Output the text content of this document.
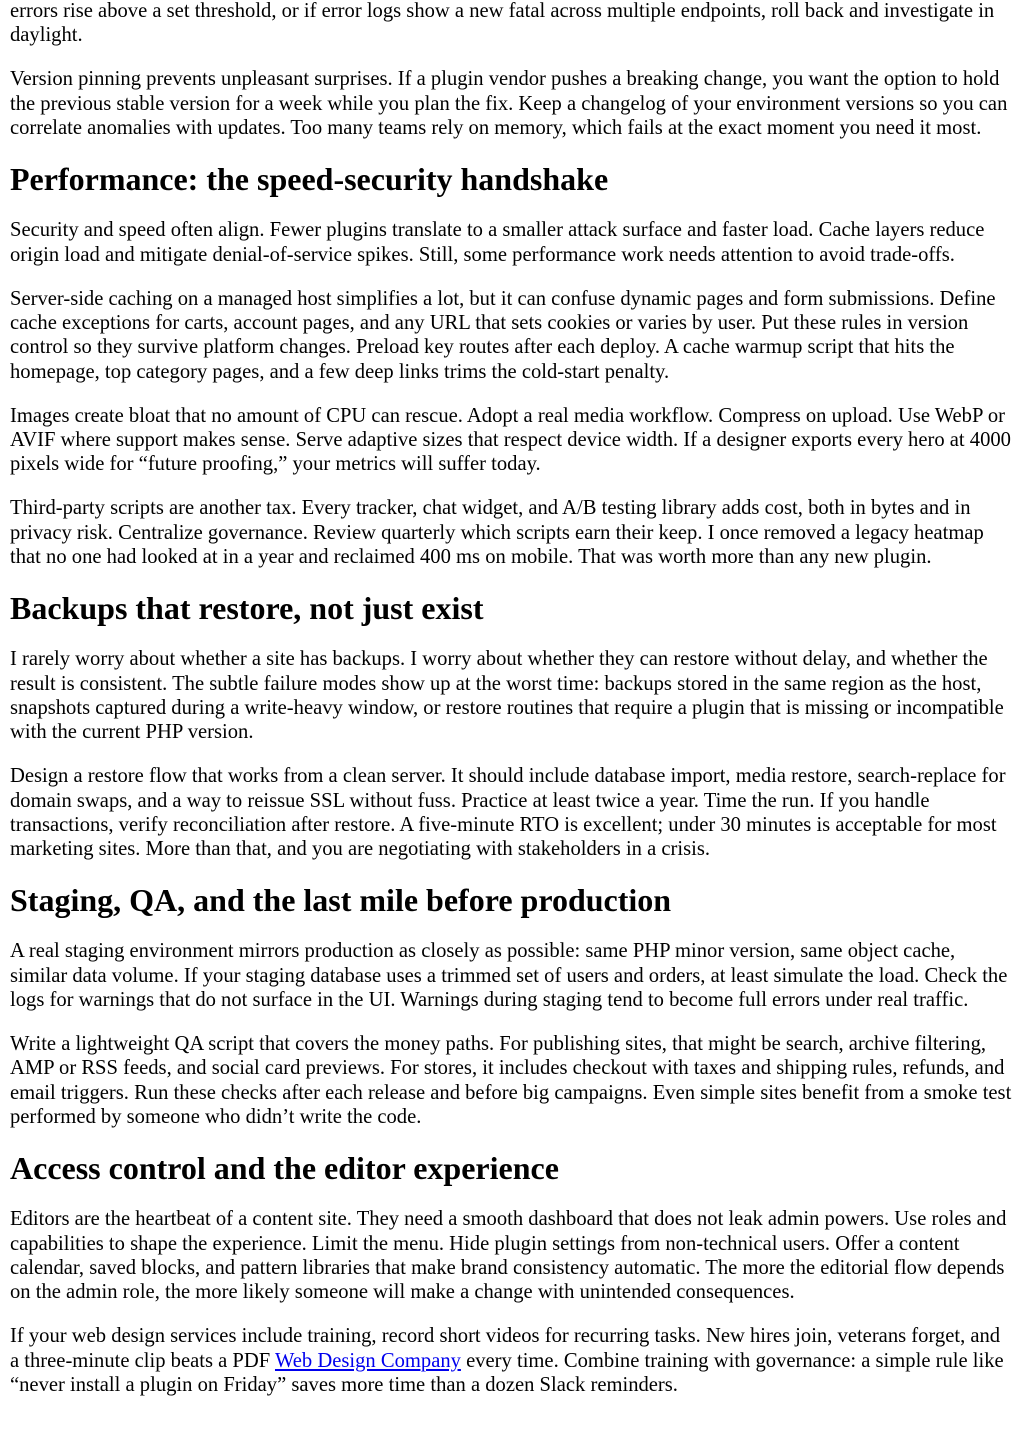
errors rise above a set threshold, or if error logs show a new fatal across multiple endpoints, roll back and investigate in daylight.

Version pinning prevents unpleasant surprises. If a plugin vendor pushes a breaking change, you want the option to hold the previous stable version for a week while you plan the fix. Keep a changelog of your environment versions so you can correlate anomalies with updates. Too many teams rely on memory, which fails at the exact moment you need it most.

Performance: the speed-security handshake

Security and speed often align. Fewer plugins translate to a smaller attack surface and faster load. Cache layers reduce origin load and mitigate denial-of-service spikes. Still, some performance work needs attention to avoid trade-offs.

Server-side caching on a managed host simplifies a lot, but it can confuse dynamic pages and form submissions. Define cache exceptions for carts, account pages, and any URL that sets cookies or varies by user. Put these rules in version control so they survive platform changes. Preload key routes after each deploy. A cache warmup script that hits the homepage, top category pages, and a few deep links trims the cold-start penalty.

Images create bloat that no amount of CPU can rescue. Adopt a real media workflow. Compress on upload. Use WebP or AVIF where support makes sense. Serve adaptive sizes that respect device width. If a designer exports every hero at 4000 pixels wide for “future proofing,” your metrics will suffer today.

Third-party scripts are another tax. Every tracker, chat widget, and A/B testing library adds cost, both in bytes and in privacy risk. Centralize governance. Review quarterly which scripts earn their keep. I once removed a legacy heatmap that no one had looked at in a year and reclaimed 400 ms on mobile. That was worth more than any new plugin.

Backups that restore, not just exist

I rarely worry about whether a site has backups. I worry about whether they can restore without delay, and whether the result is consistent. The subtle failure modes show up at the worst time: backups stored in the same region as the host, snapshots captured during a write-heavy window, or restore routines that require a plugin that is missing or incompatible with the current PHP version.

Design a restore flow that works from a clean server. It should include database import, media restore, search-replace for domain swaps, and a way to reissue SSL without fuss. Practice at least twice a year. Time the run. If you handle transactions, verify reconciliation after restore. A five-minute RTO is excellent; under 30 minutes is acceptable for most marketing sites. More than that, and you are negotiating with stakeholders in a crisis.

Staging, QA, and the last mile before production

A real staging environment mirrors production as closely as possible: same PHP minor version, same object cache, similar data volume. If your staging database uses a trimmed set of users and orders, at least simulate the load. Check the logs for warnings that do not surface in the UI. Warnings during staging tend to become full errors under real traffic.

Write a lightweight QA script that covers the money paths. For publishing sites, that might be search, archive filtering, AMP or RSS feeds, and social card previews. For stores, it includes checkout with taxes and shipping rules, refunds, and email triggers. Run these checks after each release and before big campaigns. Even simple sites benefit from a smoke test performed by someone who didn’t write the code.

Access control and the editor experience

Editors are the heartbeat of a content site. They need a smooth dashboard that does not leak admin powers. Use roles and capabilities to shape the experience. Limit the menu. Hide plugin settings from non-technical users. Offer a content calendar, saved blocks, and pattern libraries that make brand consistency automatic. The more the editorial flow depends on the admin role, the more likely someone will make a change with unintended consequences.

If your web design services include training, record short videos for recurring tasks. New hires join, veterans forget, and a three-minute clip beats a PDF Web Design Company every time. Combine training with governance: a simple rule like “never install a plugin on Friday” saves more time than a dozen Slack reminders.
